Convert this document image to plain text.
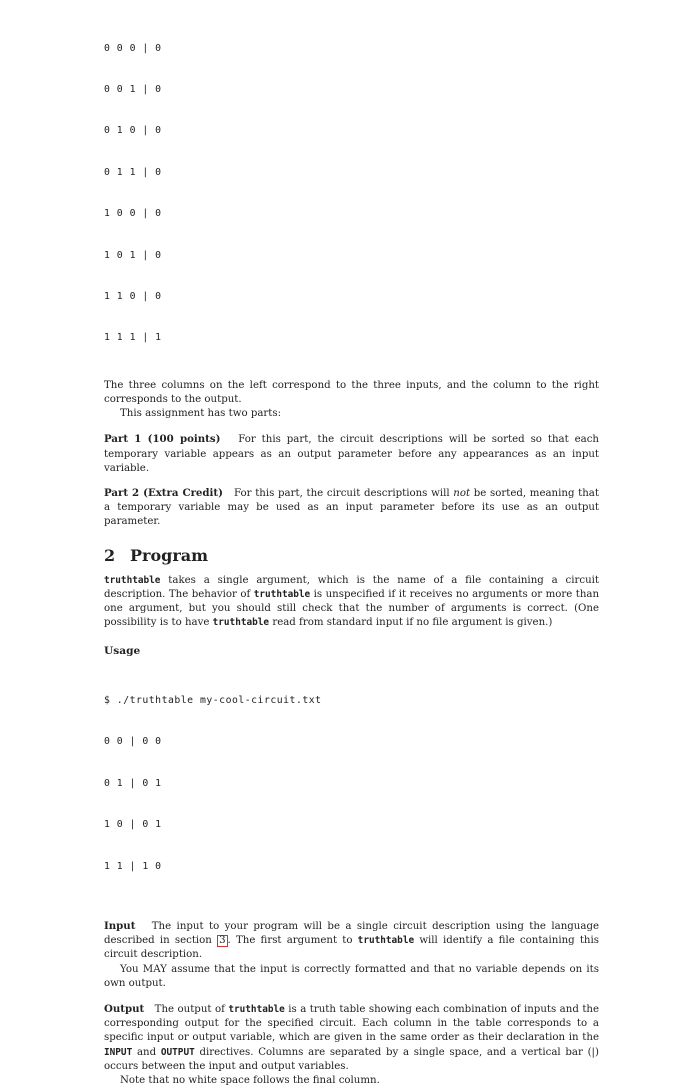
0 0 0 | 0

0 0 1 | 0

0 1 0 | 0

0 1 1 | 0

1 0 0 | 0

1 0 1 | 0

1 1 0 | 0

1 1 1 | 1

The three columns on the left correspond to the three inputs, and the column to the right corresponds to the output.

This assignment has two parts:

Part 1 (100 points) For this part, the circuit descriptions will be sorted so that each temporary variable appears as an output parameter before any appearances as an input variable.

Part 2 (Extra Credit) For this part, the circuit descriptions will not be sorted, meaning that a temporary variable may be used as an input parameter before its use as an output parameter.

2 Program

truthtable takes a single argument, which is the name of a file containing a circuit description. The behavior of truthtable is unspecified if it receives no arguments or more than one argument, but you should still check that the number of arguments is correct. (One possibility is to have truthtable read from standard input if no file argument is given.)

Usage

$ ./truthtable my-cool-circuit.txt

0 0 | 0 0

0 1 | 0 1

1 0 | 0 1

1 1 | 1 0

Input The input to your program will be a single circuit description using the language described in section 3 . The first argument to truthtable will identify a file containing this circuit description.

You MAY assume that the input is correctly formatted and that no variable depends on its own output.

Output The output of truthtable is a truth table showing each combination of inputs and the corresponding output for the specified circuit. Each column in the table corresponds to a specific input or output variable, which are given in the same order as their declaration in the INPUT and OUTPUT directives. Columns are separated by a single space, and a vertical bar (|) occurs between the input and output variables.

Note that no white space follows the final column.
